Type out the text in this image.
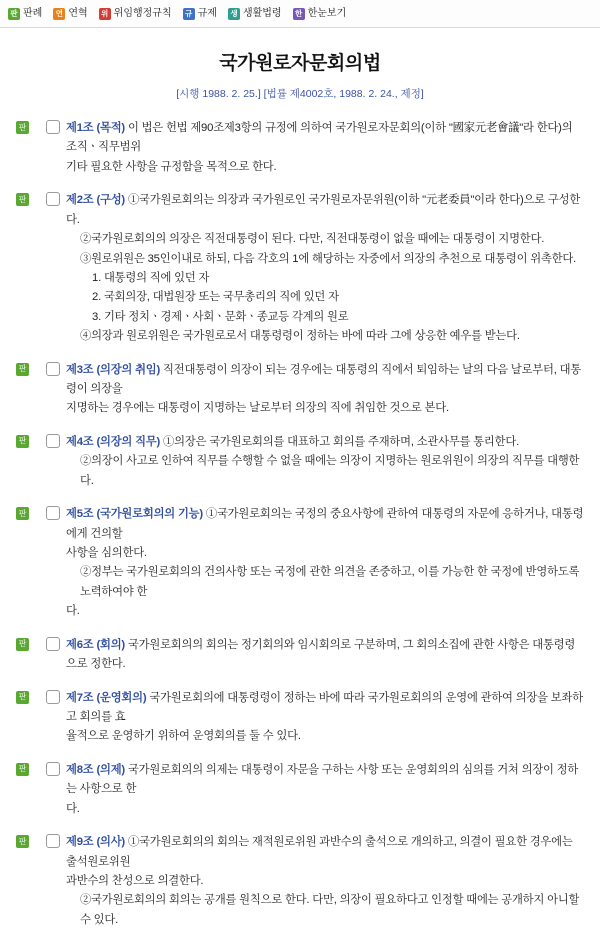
판 판례	연 연혁	위 위임행정규칙	규 규제	생 생활법령	한 한눈보기
국가원로자문회의법
[시행 1988. 2. 25.] [법률 제4002호, 1988. 2. 24., 제정]
판	제1조 (목적) 이 법은 헌법 제90조제3항의 규정에 의하여 국가원로자문회의(이하 "國家元老會議"라 한다)의 조직ㆍ직무범위

기타 필요한 사항을 규정함을 목적으로 한다.

판	제2조 (구성) ①국가원로회의는 의장과 국가원로인 국가원로자문위원(이하 "元老委員"이라 한다)으로 구성한다.

②국가원로회의의 의장은 직전대통령이 된다. 다만, 직전대통령이 없을 때에는 대통령이 지명한다.

③원로위원은 35인이내로 하되, 다음 각호의 1에 해당하는 자중에서 의장의 추천으로 대통령이 위촉한다.

1. 대통령의 직에 있던 자

2. 국회의장, 대법원장 또는 국무총리의 직에 있던 자

3. 기타 정치ㆍ경제ㆍ사회ㆍ문화ㆍ종교등 각계의 원로

④의장과 원로위원은 국가원로로서 대통령령이 정하는 바에 따라 그에 상응한 예우를 받는다.

판	제3조 (의장의 취임) 직전대통령이 의장이 되는 경우에는 대통령의 직에서 퇴임하는 날의 다음 날로부터, 대통령이 의장을

지명하는 경우에는 대통령이 지명하는 날로부터 의장의 직에 취임한 것으로 본다.

판	제4조 (의장의 직무) ①의장은 국가원로회의를 대표하고 회의를 주재하며, 소관사무를 통리한다.

②의장이 사고로 인하여 직무를 수행할 수 없을 때에는 의장이 지명하는 원로위원이 의장의 직무를 대행한다.

판	제5조 (국가원로회의의 기능) ①국가원로회의는 국정의 중요사항에 관하여 대통령의 자문에 응하거나, 대통령에게 건의할

사항을 심의한다.

②정부는 국가원로회의의 건의사항 또는 국정에 관한 의견을 존중하고, 이를 가능한 한 국정에 반영하도록 노력하여야 한

다.

판	제6조 (회의) 국가원로회의의 회의는 정기회의와 임시회의로 구분하며, 그 회의소집에 관한 사항은 대통령령으로 정한다.

판	제7조 (운영회의) 국가원로회의에 대통령령이 정하는 바에 따라 국가원로회의의 운영에 관하여 의장을 보좌하고 회의를 효

율적으로 운영하기 위하여 운영회의를 둘 수 있다.

판	제8조 (의제) 국가원로회의의 의제는 대통령이 자문을 구하는 사항 또는 운영회의의 심의를 거쳐 의장이 정하는 사항으로 한

다.

판	제9조 (의사) ①국가원로회의의 회의는 재적원로위원 과반수의 출석으로 개의하고, 의결이 필요한 경우에는 출석원로위원

과반수의 찬성으로 의결한다.

②국가원로회의의 회의는 공개를 원칙으로 한다. 다만, 의장이 필요하다고 인정할 때에는 공개하지 아니할 수 있다.
